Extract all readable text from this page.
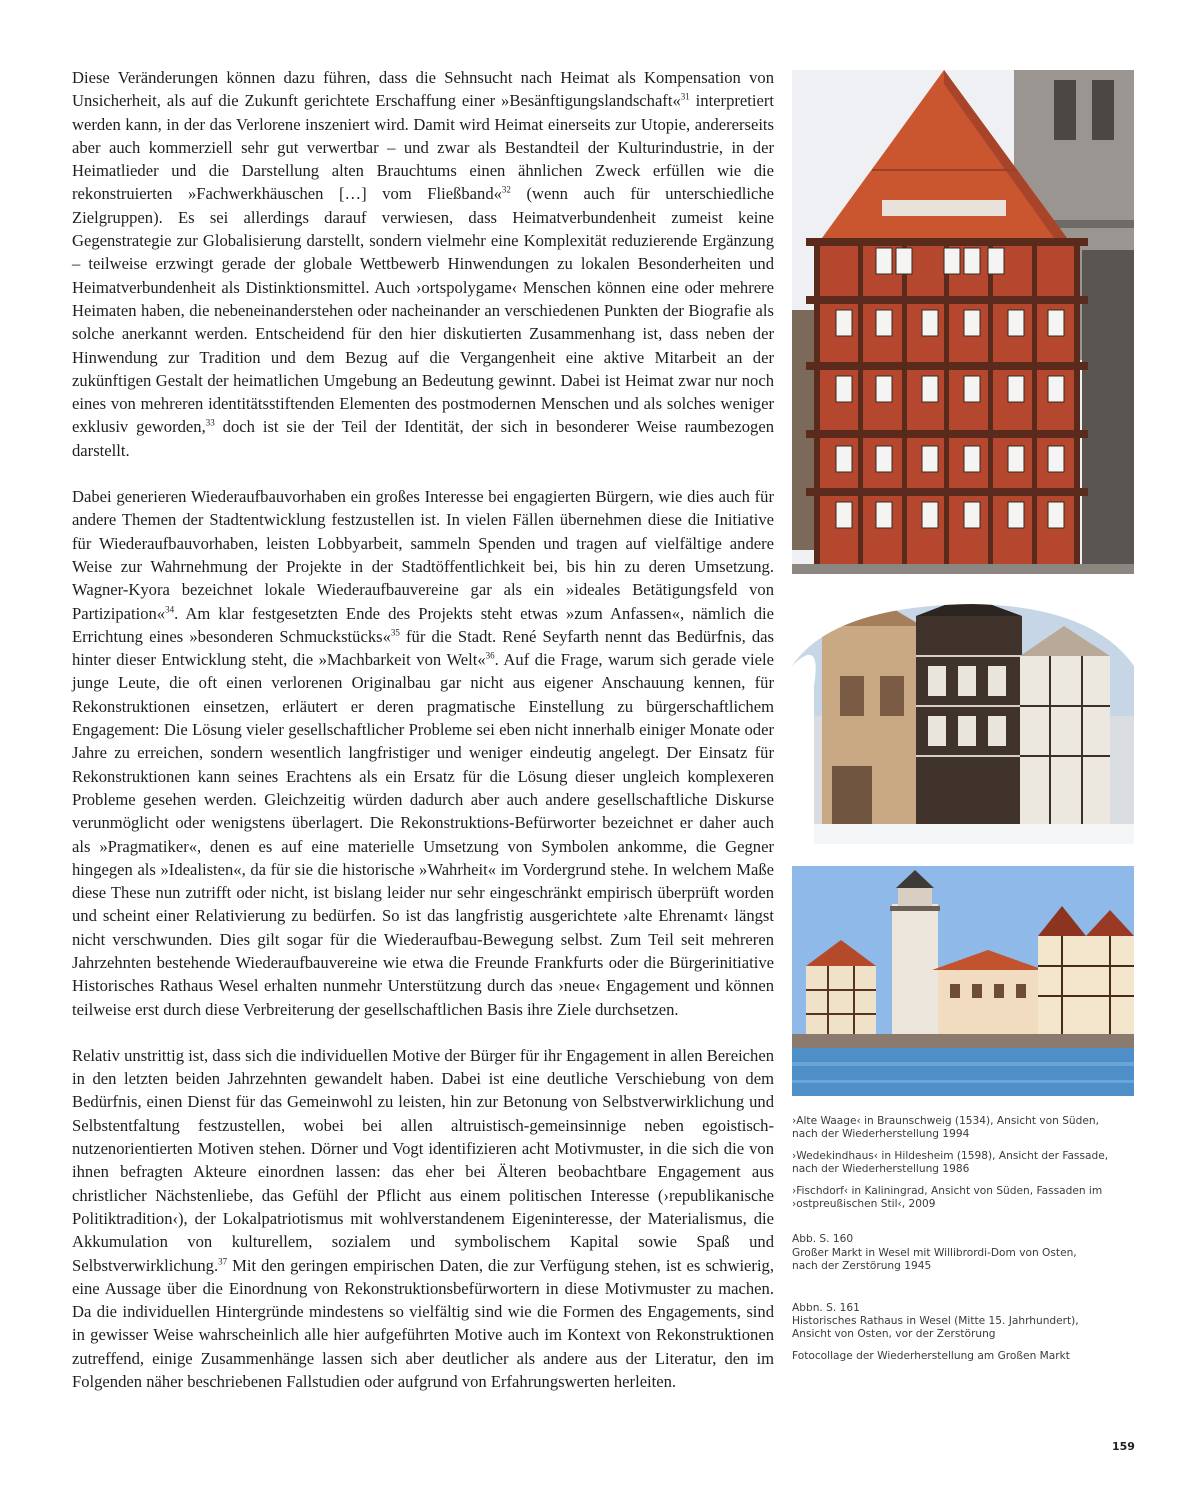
Diese Veränderungen können dazu führen, dass die Sehnsucht nach Heimat als Kompensation von Unsicherheit, als auf die Zukunft gerichtete Erschaffung einer »Besänftigungslandschaft«$^{31}$ interpretiert werden kann, in der das Verlorene inszeniert wird. Damit wird Heimat einerseits zur Utopie, andererseits aber auch kommerziell sehr gut verwertbar – und zwar als Bestandteil der Kulturindustrie, in der Heimatlieder und die Darstellung alten Brauchtums einen ähnlichen Zweck erfüllen wie die rekonstruierten »Fachwerkhäuschen […] vom Fließband«$^{32}$ (wenn auch für unterschiedliche Zielgruppen). Es sei allerdings darauf verwiesen, dass Heimatverbundenheit zumeist keine Gegenstrategie zur Globalisierung darstellt, sondern vielmehr eine Komplexität reduzierende Ergänzung – teilweise erzwingt gerade der globale Wettbewerb Hinwendungen zu lokalen Besonderheiten und Heimatverbundenheit als Distinktionsmittel. Auch ›ortspolygame‹ Menschen können eine oder mehrere Heimaten haben, die nebeneinanderstehen oder nacheinander an verschiedenen Punkten der Biografie als solche anerkannt werden. Entscheidend für den hier diskutierten Zusammenhang ist, dass neben der Hinwendung zur Tradition und dem Bezug auf die Vergangenheit eine aktive Mitarbeit an der zukünftigen Gestalt der heimatlichen Umgebung an Bedeutung gewinnt. Dabei ist Heimat zwar nur noch eines von mehreren identitätsstiftenden Elementen des postmodernen Menschen und als solches weniger exklusiv geworden,$^{33}$ doch ist sie der Teil der Identität, der sich in besonderer Weise raumbezogen darstellt.

Dabei generieren Wiederaufbauvorhaben ein großes Interesse bei engagierten Bürgern, wie dies auch für andere Themen der Stadtentwicklung festzustellen ist. In vielen Fällen übernehmen diese die Initiative für Wiederaufbauvorhaben, leisten Lobbyarbeit, sammeln Spenden und tragen auf vielfältige andere Weise zur Wahrnehmung der Projekte in der Stadtöffentlichkeit bei, bis hin zu deren Umsetzung. Wagner-Kyora bezeichnet lokale Wiederaufbauvereine gar als ein »ideales Betätigungsfeld von Partizipation«$^{34}$. Am klar festgesetzten Ende des Projekts steht etwas »zum Anfassen«, nämlich die Errichtung eines »besonderen Schmuckstücks«$^{35}$ für die Stadt. René Seyfarth nennt das Bedürfnis, das hinter dieser Entwicklung steht, die »Machbarkeit von Welt«$^{36}$. Auf die Frage, warum sich gerade viele junge Leute, die oft einen verlorenen Originalbau gar nicht aus eigener Anschauung kennen, für Rekonstruktionen einsetzen, erläutert er deren pragmatische Einstellung zu bürgerschaftlichem Engagement: Die Lösung vieler gesellschaftlicher Probleme sei eben nicht innerhalb einiger Monate oder Jahre zu erreichen, sondern wesentlich langfristiger und weniger eindeutig angelegt. Der Einsatz für Rekonstruktionen kann seines Erachtens als ein Ersatz für die Lösung dieser ungleich komplexeren Probleme gesehen werden. Gleichzeitig würden dadurch aber auch andere gesellschaftliche Diskurse verunmöglicht oder wenigstens überlagert. Die Rekonstruktions-Befürworter bezeichnet er daher auch als »Pragmatiker«, denen es auf eine materielle Umsetzung von Symbolen ankomme, die Gegner hingegen als »Idealisten«, da für sie die historische »Wahrheit« im Vordergrund stehe. In welchem Maße diese These nun zutrifft oder nicht, ist bislang leider nur sehr eingeschränkt empirisch überprüft worden und scheint einer Relativierung zu bedürfen. So ist das langfristig ausgerichtete ›alte Ehrenamt‹ längst nicht verschwunden. Dies gilt sogar für die Wiederaufbau-Bewegung selbst. Zum Teil seit mehreren Jahrzehnten bestehende Wiederaufbauvereine wie etwa die Freunde Frankfurts oder die Bürgerinitiative Historisches Rathaus Wesel erhalten nunmehr Unterstützung durch das ›neue‹ Engagement und können teilweise erst durch diese Verbreiterung der gesellschaftlichen Basis ihre Ziele durchsetzen.

Relativ unstrittig ist, dass sich die individuellen Motive der Bürger für ihr Engagement in allen Bereichen in den letzten beiden Jahrzehnten gewandelt haben. Dabei ist eine deutliche Verschiebung von dem Bedürfnis, einen Dienst für das Gemeinwohl zu leisten, hin zur Betonung von Selbstverwirklichung und Selbstentfaltung festzustellen, wobei bei allen altruistisch-gemeinsinnige neben egoistisch-nutzenorientierten Motiven stehen. Dörner und Vogt identifizieren acht Motivmuster, in die sich die von ihnen befragten Akteure einordnen lassen: das eher bei Älteren beobachtbare Engagement aus christlicher Nächstenliebe, das Gefühl der Pflicht aus einem politischen Interesse (›republikanische Politiktradition‹), der Lokalpatriotismus mit wohlverstandenem Eigeninteresse, der Materialismus, die Akkumulation von kulturellem, sozialem und symbolischem Kapital sowie Spaß und Selbstverwirklichung.$^{37}$ Mit den geringen empirischen Daten, die zur Verfügung stehen, ist es schwierig, eine Aussage über die Einordnung von Rekonstruktionsbefürwortern in diese Motivmuster zu machen. Da die individuellen Hintergründe mindestens so vielfältig sind wie die Formen des Engagements, sind in gewisser Weise wahrscheinlich alle hier aufgeführten Motive auch im Kontext von Rekonstruktionen zutreffend, einige Zusammenhänge lassen sich aber deutlicher als andere aus der Literatur, den im Folgenden näher beschriebenen Fallstudien oder aufgrund von Erfahrungswerten herleiten.

›Alte Waage‹ in Braunschweig (1534), Ansicht von Süden,
nach der Wiederherstellung 1994
›Wedekindhaus‹ in Hildesheim (1598), Ansicht der Fassade,
nach der Wiederherstellung 1986
›Fischdorf‹ in Kaliningrad, Ansicht von Süden, Fassaden im
›ostpreußischen Stil‹, 2009
Abb. S. 160
Großer Markt in Wesel mit Willibrordi-Dom von Osten,
nach der Zerstörung 1945
Abbn. S. 161
Historisches Rathaus in Wesel (Mitte 15. Jahrhundert),
Ansicht von Osten, vor der Zerstörung
Fotocollage der Wiederherstellung am Großen Markt
159
